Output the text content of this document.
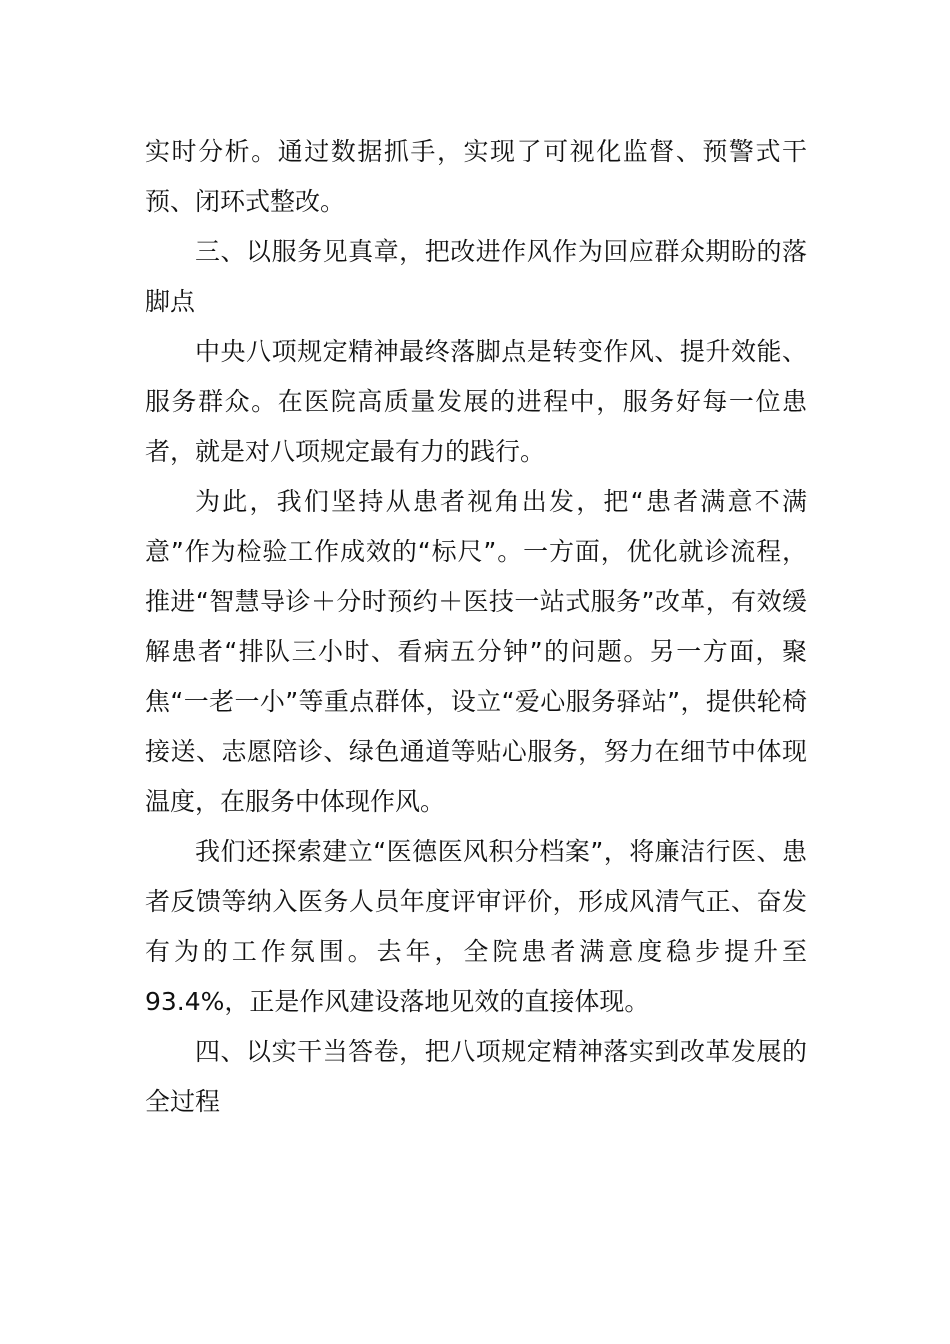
实时分析。通过数据抓手，实现了可视化监督、预警式干预、闭环式整改。

三、以服务见真章，把改进作风作为回应群众期盼的落脚点

中央八项规定精神最终落脚点是转变作风、提升效能、服务群众。在医院高质量发展的进程中，服务好每一位患者，就是对八项规定最有力的践行。

为此，我们坚持从患者视角出发，把“患者满意不满意”作为检验工作成效的“标尺”。一方面，优化就诊流程，推进“智慧导诊＋分时预约＋医技一站式服务”改革，有效缓解患者“排队三小时、看病五分钟”的问题。另一方面，聚焦“一老一小”等重点群体，设立“爱心服务驿站”，提供轮椅接送、志愿陪诊、绿色通道等贴心服务，努力在细节中体现温度，在服务中体现作风。

我们还探索建立“医德医风积分档案”，将廉洁行医、患者反馈等纳入医务人员年度评审评价，形成风清气正、奋发有为的工作氛围。去年，全院患者满意度稳步提升至93.4%，正是作风建设落地见效的直接体现。

四、以实干当答卷，把八项规定精神落实到改革发展的全过程
